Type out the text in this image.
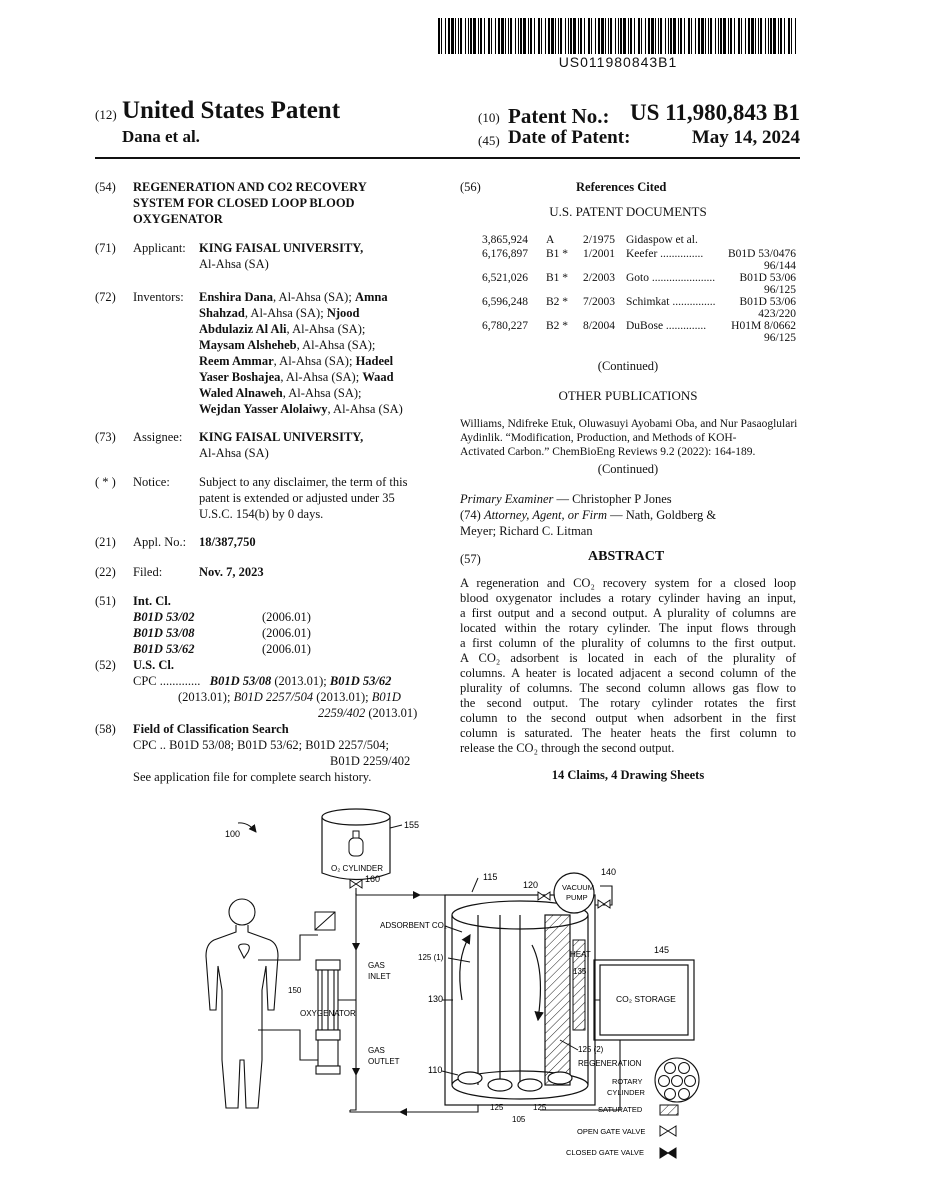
US011980843B1
(12) United States Patent
Dana et al.
(10) Patent No.: US 11,980,843 B1
(45) Date of Patent:	May 14, 2024
(54) REGENERATION AND CO2 RECOVERY
SYSTEM FOR CLOSED LOOP BLOOD
OXYGENATOR
(71) Applicant: KING FAISAL UNIVERSITY,
Al-Ahsa (SA)
(72) Inventors: Enshira Dana, Al-Ahsa (SA); Amna
Shahzad, Al-Ahsa (SA); Njood
Abdulaziz Al Ali, Al-Ahsa (SA);
Maysam Alsheheb, Al-Ahsa (SA);
Reem Ammar, Al-Ahsa (SA); Hadeel
Yaser Boshajea, Al-Ahsa (SA); Waad
Waled Alnaweh, Al-Ahsa (SA);
Wejdan Yasser Alolaiwy, Al-Ahsa (SA)
(73) Assignee: KING FAISAL UNIVERSITY,
Al-Ahsa (SA)
( * ) Notice: Subject to any disclaimer, the term of this
patent is extended or adjusted under 35
U.S.C. 154(b) by 0 days.
(21) Appl. No.: 18/387,750
(22) Filed:	Nov. 7, 2023
(51) Int. Cl.
B01D 53/02	(2006.01)
B01D 53/08	(2006.01)
B01D 53/62	(2006.01)
(52) U.S. Cl.
CPC ............. B01D 53/08 (2013.01); B01D 53/62
(2013.01); B01D 2257/504 (2013.01); B01D
2259/402 (2013.01)
(58) Field of Classification Search
CPC .. B01D 53/08; B01D 53/62; B01D 2257/504;
B01D 2259/402
See application file for complete search history.
(56)	References Cited
U.S. PATENT DOCUMENTS
3,865,924 A 2/1975 Gidaspow et al.
6,176,897 B1 * 1/2001 Keefer ...............	B01D 53/0476
96/144
6,521,026 B1 * 2/2003 Goto ......................	B01D 53/06
96/125
6,596,248 B2 * 7/2003 Schimkat ...............	B01D 53/06
423/220
6,780,227 B2 * 8/2004 DuBose ..............	H01M 8/0662
96/125
(Continued)
OTHER PUBLICATIONS
Williams, Ndifreke Etuk, Oluwasuyi Ayobami Oba, and Nur Pasaoglulari
Aydinlik. “Modification, Production, and Methods of KOH-
Activated Carbon.” ChemBioEng Reviews 9.2 (2022): 164-189.
(Continued)
Primary Examiner — Christopher P Jones
(74) Attorney, Agent, or Firm — Nath, Goldberg &
Meyer; Richard C. Litman
(57)	ABSTRACT
A regeneration and CO₂ recovery system for a closed loop
blood oxygenator includes a rotary cylinder having an input,
a first output and a second output. A plurality of columns are
located within the rotary cylinder. The input flows through
a first column of the plurality of columns to the first output.
A CO₂ adsorbent is located in each of the plurality of
columns. A heater is located adjacent a second column of the
plurality of columns. The second column allows gas flow to
the second output. The rotary cylinder rotates the first
column to the second output when adsorbent in the first
column is saturated. The heater heats the first column to
release the CO₂ through the second output.
14 Claims, 4 Drawing Sheets
100
O₂ CYLINDER
155
160
150
OXYGENATOR
GAS
INLET
GAS
OUTLET
115
120	VACUUM
PUMP
140
ADSORBENT CO₂
125 (1)
130
110
HEAT
135
125 (2)
REGENERATION
125	125
105
CO₂ STORAGE
145
ROTARY
CYLINDER
SATURATED
OPEN GATE VALVE
CLOSED GATE VALVE
